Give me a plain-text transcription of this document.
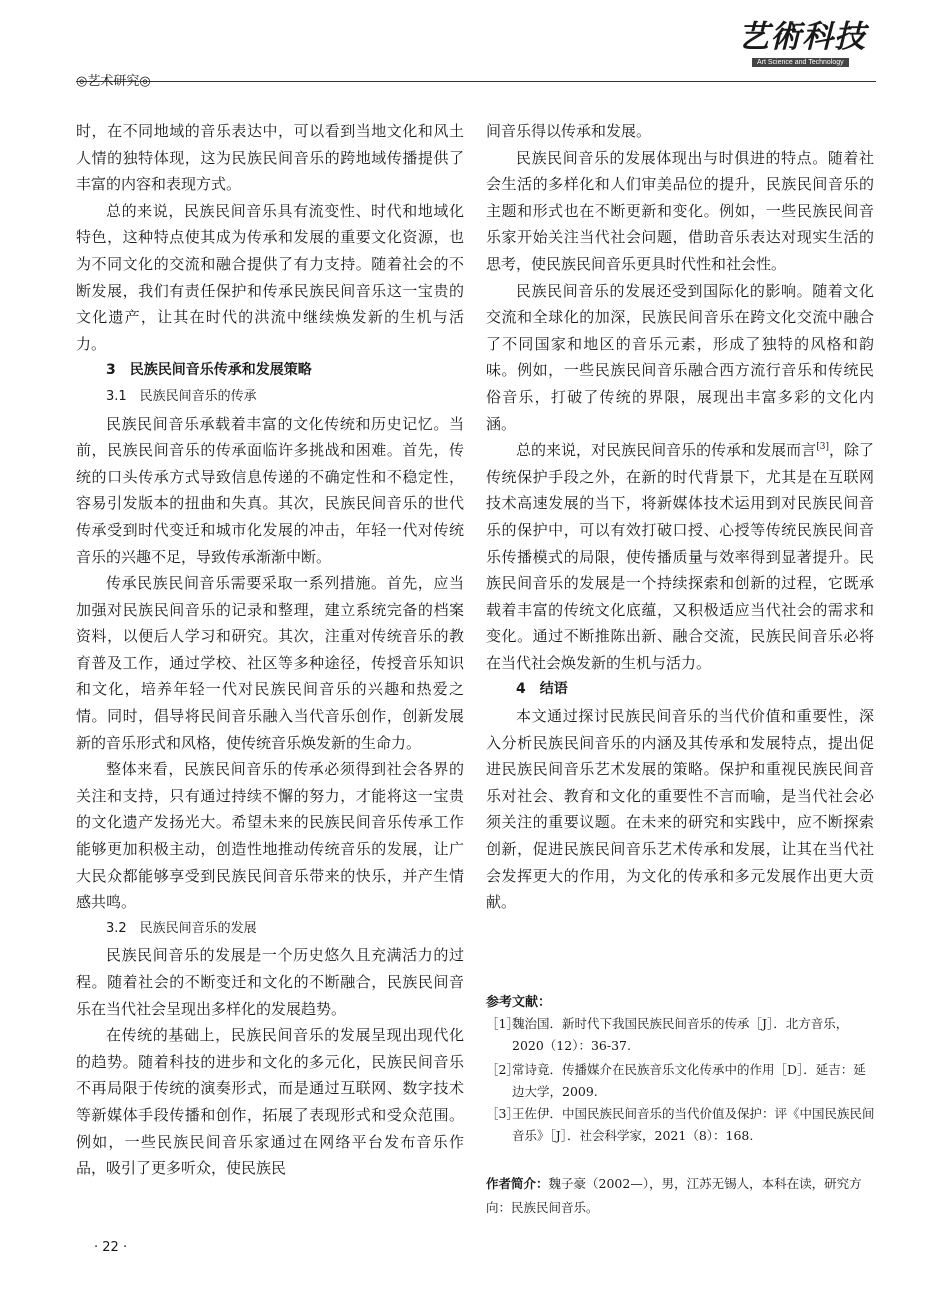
◎艺术研究◎
艺術科技
Art Science and Technology

时，在不同地域的音乐表达中，可以看到当地文化和风土人情的独特体现，这为民族民间音乐的跨地域传播提供了丰富的内容和表现方式。

总的来说，民族民间音乐具有流变性、时代和地域化特色，这种特点使其成为传承和发展的重要文化资源，也为不同文化的交流和融合提供了有力支持。随着社会的不断发展，我们有责任保护和传承民族民间音乐这一宝贵的文化遗产，让其在时代的洪流中继续焕发新的生机与活力。

3　民族民间音乐传承和发展策略
3.1　民族民间音乐的传承

民族民间音乐承载着丰富的文化传统和历史记忆。当前，民族民间音乐的传承面临许多挑战和困难。首先，传统的口头传承方式导致信息传递的不确定性和不稳定性，容易引发版本的扭曲和失真。其次，民族民间音乐的世代传承受到时代变迁和城市化发展的冲击，年轻一代对传统音乐的兴趣不足，导致传承渐渐中断。

传承民族民间音乐需要采取一系列措施。首先，应当加强对民族民间音乐的记录和整理，建立系统完备的档案资料，以便后人学习和研究。其次，注重对传统音乐的教育普及工作，通过学校、社区等多种途径，传授音乐知识和文化，培养年轻一代对民族民间音乐的兴趣和热爱之情。同时，倡导将民间音乐融入当代音乐创作，创新发展新的音乐形式和风格，使传统音乐焕发新的生命力。

整体来看，民族民间音乐的传承必须得到社会各界的关注和支持，只有通过持续不懈的努力，才能将这一宝贵的文化遗产发扬光大。希望未来的民族民间音乐传承工作能够更加积极主动，创造性地推动传统音乐的发展，让广大民众都能够享受到民族民间音乐带来的快乐，并产生情感共鸣。

3.2　民族民间音乐的发展

民族民间音乐的发展是一个历史悠久且充满活力的过程。随着社会的不断变迁和文化的不断融合，民族民间音乐在当代社会呈现出多样化的发展趋势。

在传统的基础上，民族民间音乐的发展呈现出现代化的趋势。随着科技的进步和文化的多元化，民族民间音乐不再局限于传统的演奏形式，而是通过互联网、数字技术等新媒体手段传播和创作，拓展了表现形式和受众范围。例如，一些民族民间音乐家通过在网络平台发布音乐作品，吸引了更多听众，使民族民

间音乐得以传承和发展。

民族民间音乐的发展体现出与时俱进的特点。随着社会生活的多样化和人们审美品位的提升，民族民间音乐的主题和形式也在不断更新和变化。例如，一些民族民间音乐家开始关注当代社会问题，借助音乐表达对现实生活的思考，使民族民间音乐更具时代性和社会性。

民族民间音乐的发展还受到国际化的影响。随着文化交流和全球化的加深，民族民间音乐在跨文化交流中融合了不同国家和地区的音乐元素，形成了独特的风格和韵味。例如，一些民族民间音乐融合西方流行音乐和传统民俗音乐，打破了传统的界限，展现出丰富多彩的文化内涵。

总的来说，对民族民间音乐的传承和发展而言[3]，除了传统保护手段之外，在新的时代背景下，尤其是在互联网技术高速发展的当下，将新媒体技术运用到对民族民间音乐的保护中，可以有效打破口授、心授等传统民族民间音乐传播模式的局限，使传播质量与效率得到显著提升。民族民间音乐的发展是一个持续探索和创新的过程，它既承载着丰富的传统文化底蕴，又积极适应当代社会的需求和变化。通过不断推陈出新、融合交流，民族民间音乐必将在当代社会焕发新的生机与活力。

4　结语

本文通过探讨民族民间音乐的当代价值和重要性，深入分析民族民间音乐的内涵及其传承和发展特点，提出促进民族民间音乐艺术发展的策略。保护和重视民族民间音乐对社会、教育和文化的重要性不言而喻，是当代社会必须关注的重要议题。在未来的研究和实践中，应不断探索创新，促进民族民间音乐艺术传承和发展，让其在当代社会发挥更大的作用，为文化的传承和多元发展作出更大贡献。

参考文献：
［1］
魏治国．新时代下我国民族民间音乐的传承［J］．北方音乐，2020（12）：36-37.
［2］
常诗竟．传播媒介在民族音乐文化传承中的作用［D］．延吉：延边大学，2009.
［3］
王佐伊．中国民族民间音乐的当代价值及保护：评《中国民族民间音乐》［J］．社会科学家，2021（8）：168.
作者简介：魏子豪（2002—），男，江苏无锡人，本科在读，研究方向：民族民间音乐。
· 22 ·
